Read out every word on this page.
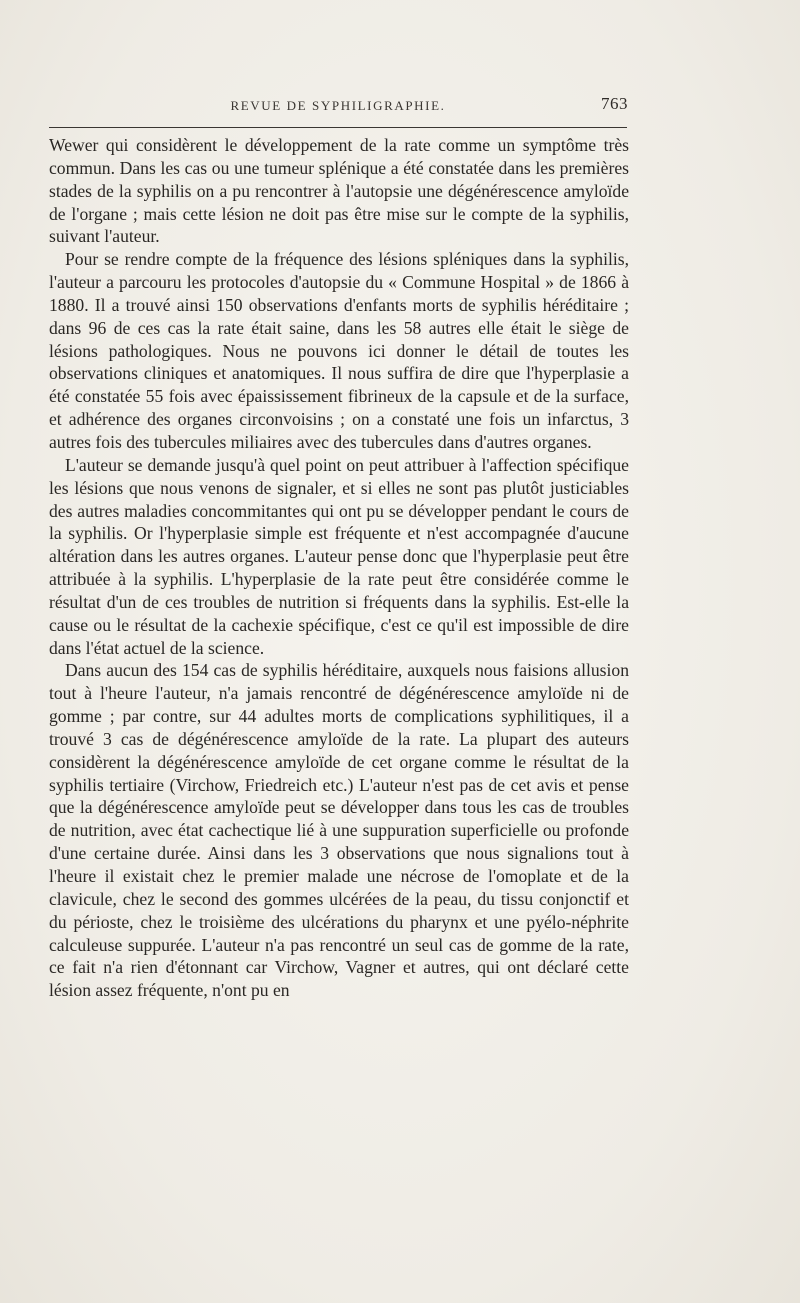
REVUE DE SYPHILIGRAPHIE.	763

Wewer qui considèrent le développement de la rate comme un symptôme très commun. Dans les cas ou une tumeur splénique a été constatée dans les premières stades de la syphilis on a pu rencontrer à l'autopsie une dégénérescence amyloïde de l'organe ; mais cette lésion ne doit pas être mise sur le compte de la syphilis, suivant l'auteur.

Pour se rendre compte de la fréquence des lésions spléniques dans la syphilis, l'auteur a parcouru les protocoles d'autopsie du « Commune Hospital » de 1866 à 1880. Il a trouvé ainsi 150 observations d'enfants morts de syphilis héréditaire ; dans 96 de ces cas la rate était saine, dans les 58 autres elle était le siège de lésions pathologiques. Nous ne pouvons ici donner le détail de toutes les observations cliniques et anatomiques. Il nous suffira de dire que l'hyperplasie a été constatée 55 fois avec épaississement fibrineux de la capsule et de la surface, et adhérence des organes circonvoisins ; on a constaté une fois un infarctus, 3 autres fois des tubercules miliaires avec des tubercules dans d'autres organes.

L'auteur se demande jusqu'à quel point on peut attribuer à l'affection spécifique les lésions que nous venons de signaler, et si elles ne sont pas plutôt justiciables des autres maladies concommitantes qui ont pu se développer pendant le cours de la syphilis. Or l'hyperplasie simple est fréquente et n'est accompagnée d'aucune altération dans les autres organes. L'auteur pense donc que l'hyperplasie peut être attribuée à la syphilis. L'hyperplasie de la rate peut être considérée comme le résultat d'un de ces troubles de nutrition si fréquents dans la syphilis. Est-elle la cause ou le résultat de la cachexie spécifique, c'est ce qu'il est impossible de dire dans l'état actuel de la science.

Dans aucun des 154 cas de syphilis héréditaire, auxquels nous faisions allusion tout à l'heure l'auteur, n'a jamais rencontré de dégénérescence amyloïde ni de gomme ; par contre, sur 44 adultes morts de complications syphilitiques, il a trouvé 3 cas de dégénérescence amyloïde de la rate. La plupart des auteurs considèrent la dégénérescence amyloïde de cet organe comme le résultat de la syphilis tertiaire (Virchow, Friedreich etc.) L'auteur n'est pas de cet avis et pense que la dégénérescence amyloïde peut se développer dans tous les cas de troubles de nutrition, avec état cachectique lié à une suppuration superficielle ou profonde d'une certaine durée. Ainsi dans les 3 observations que nous signalions tout à l'heure il existait chez le premier malade une nécrose de l'omoplate et de la clavicule, chez le second des gommes ulcérées de la peau, du tissu conjonctif et du périoste, chez le troisième des ulcérations du pharynx et une pyélo-néphrite calculeuse suppurée. L'auteur n'a pas rencontré un seul cas de gomme de la rate, ce fait n'a rien d'étonnant car Virchow, Vagner et autres, qui ont déclaré cette lésion assez fréquente, n'ont pu en
